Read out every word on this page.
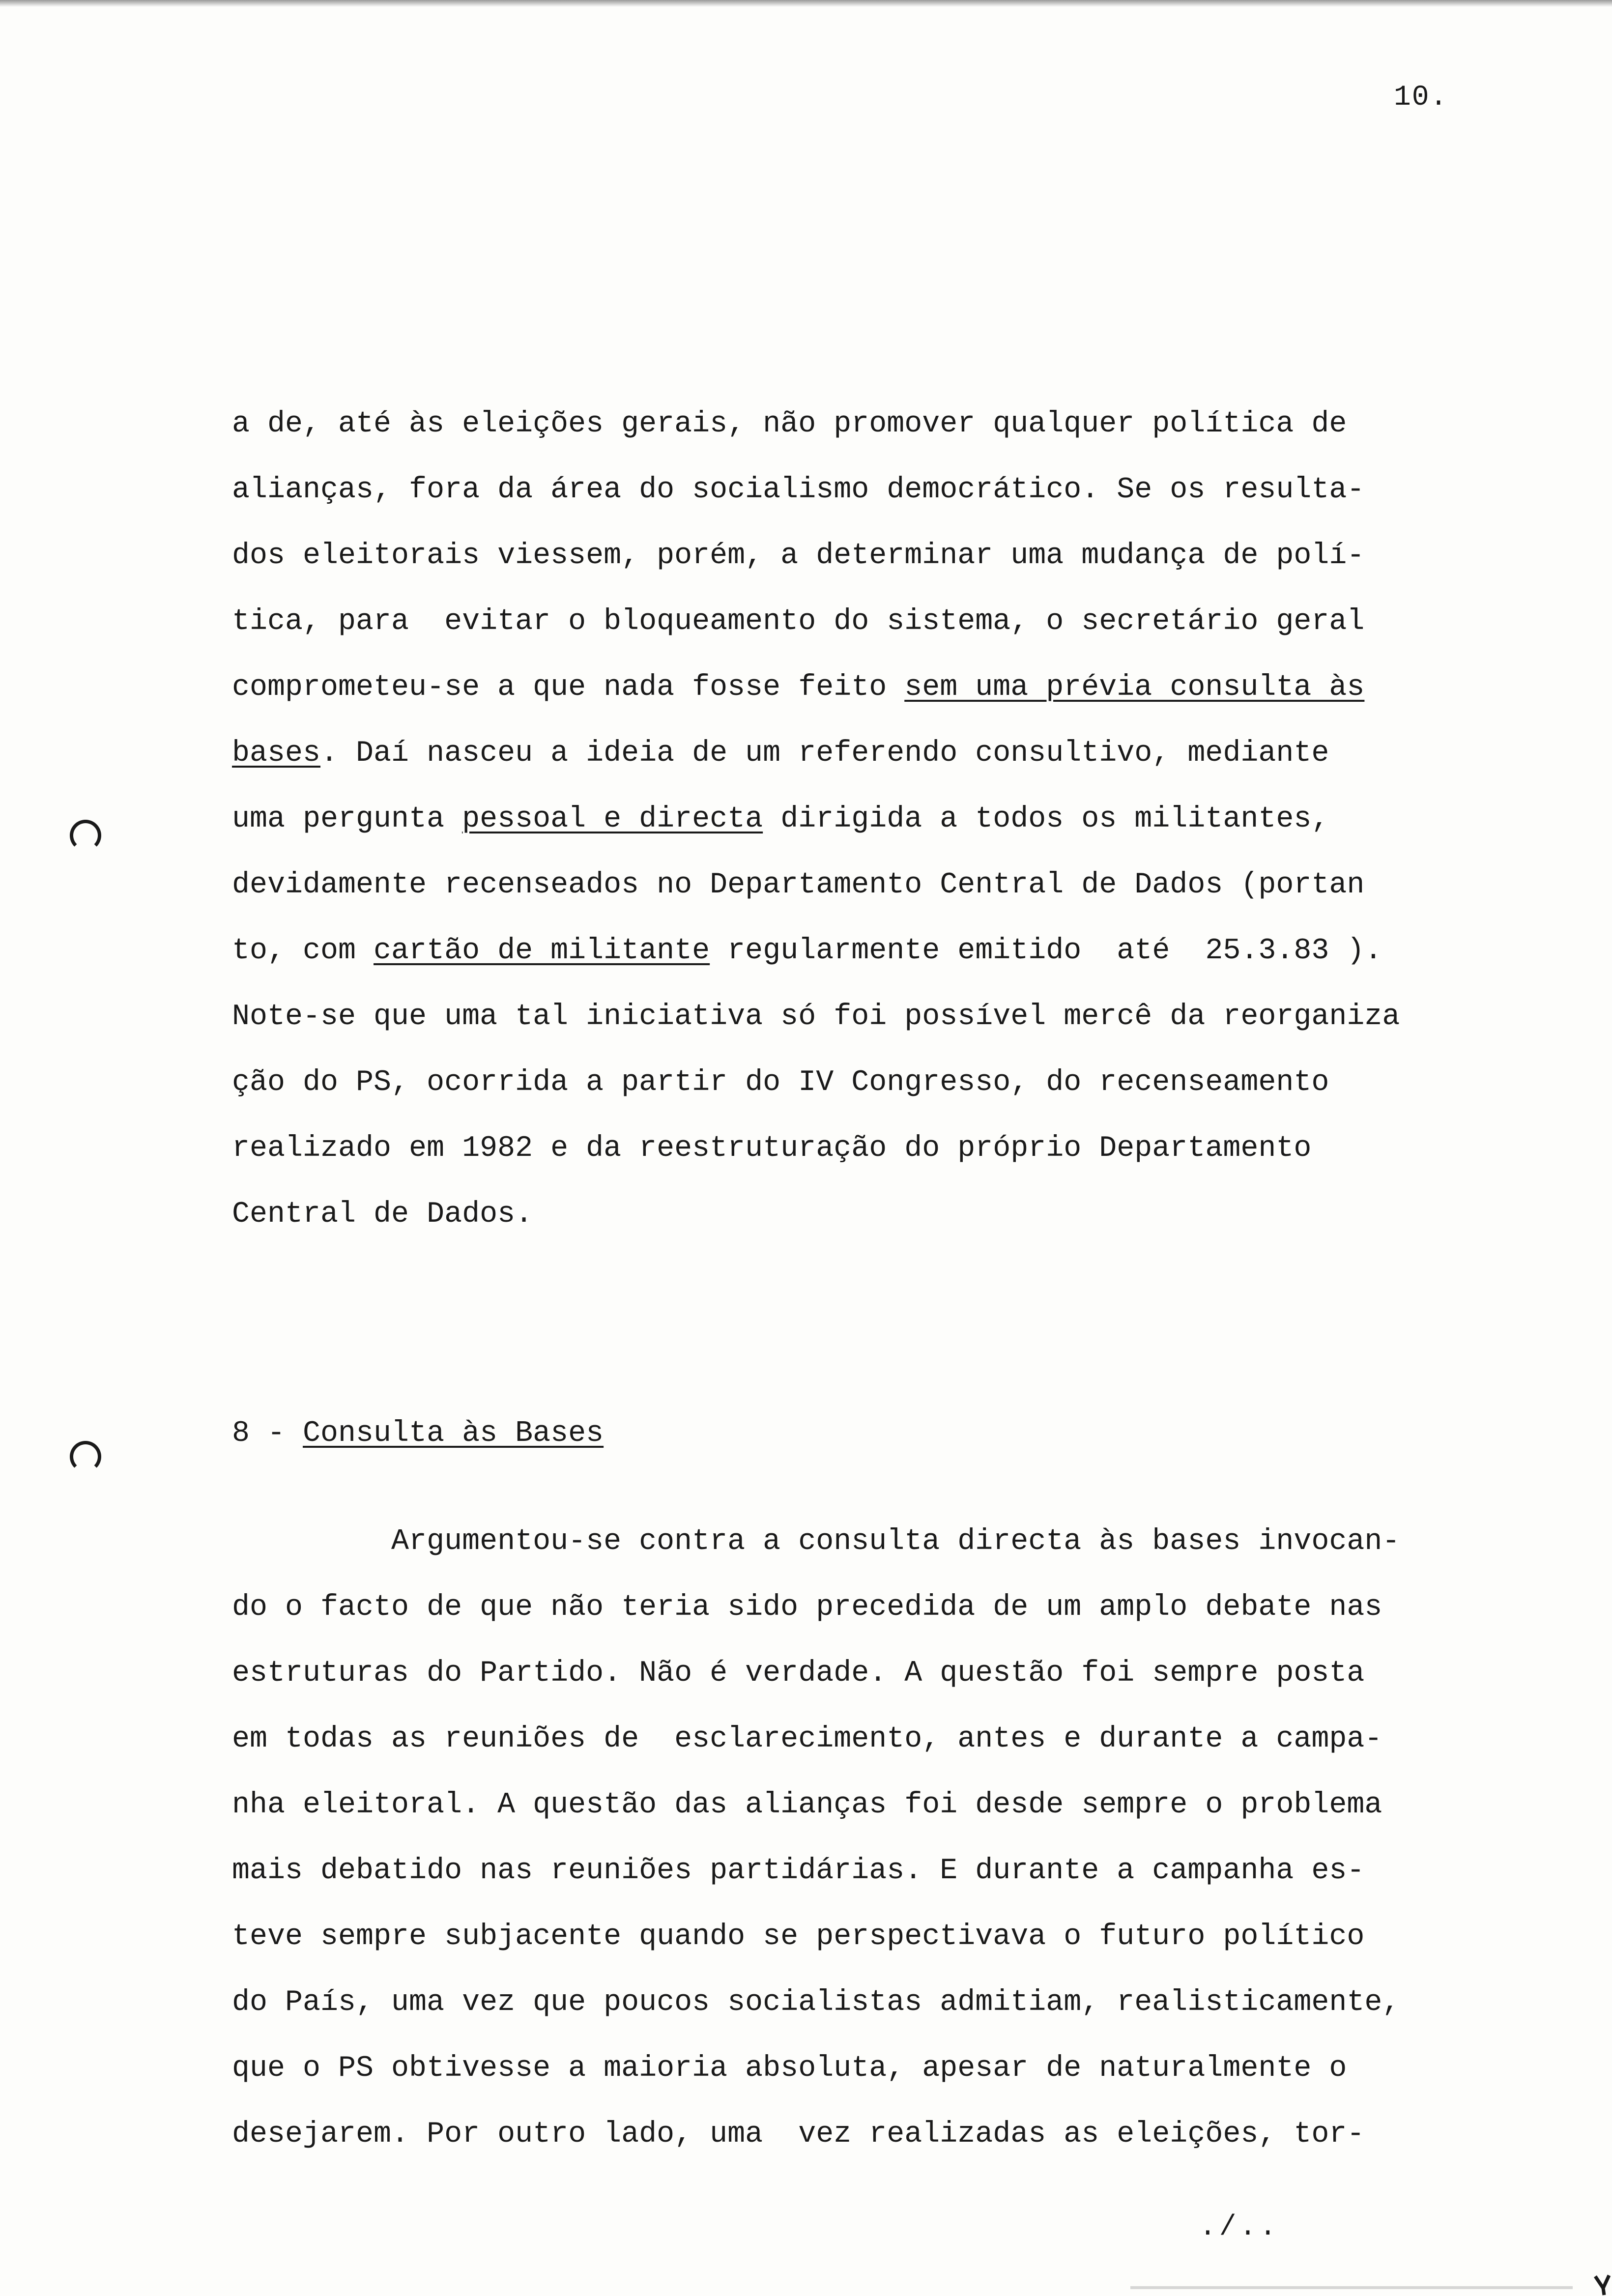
10.
a de, até às eleições gerais, não promover qualquer política de
alianças, fora da área do socialismo democrático. Se os resulta-
dos eleitorais viessem, porém, a determinar uma mudança de polí-
tica, para  evitar o bloqueamento do sistema, o secretário geral
comprometeu-se a que nada fosse feito sem uma prévia consulta às
bases. Daí nasceu a ideia de um referendo consultivo, mediante
uma pergunta pessoal e directa dirigida a todos os militantes,
devidamente recenseados no Departamento Central de Dados (portan
to, com cartão de militante regularmente emitido  até  25.3.83 ).
Note-se que uma tal iniciativa só foi possível mercê da reorganiza
ção do PS, ocorrida a partir do IV Congresso, do recenseamento
realizado em 1982 e da reestruturação do próprio Departamento
Central de Dados.
8 - Consulta às Bases
Argumentou-se contra a consulta directa às bases invocan-
do o facto de que não teria sido precedida de um amplo debate nas
estruturas do Partido. Não é verdade. A questão foi sempre posta
em todas as reuniões de  esclarecimento, antes e durante a campa-
nha eleitoral. A questão das alianças foi desde sempre o problema
mais debatido nas reuniões partidárias. E durante a campanha es-
teve sempre subjacente quando se perspectivava o futuro político
do País, uma vez que poucos socialistas admitiam, realisticamente,
que o PS obtivesse a maioria absoluta, apesar de naturalmente o
desejarem. Por outro lado, uma  vez realizadas as eleições, tor-
./..
